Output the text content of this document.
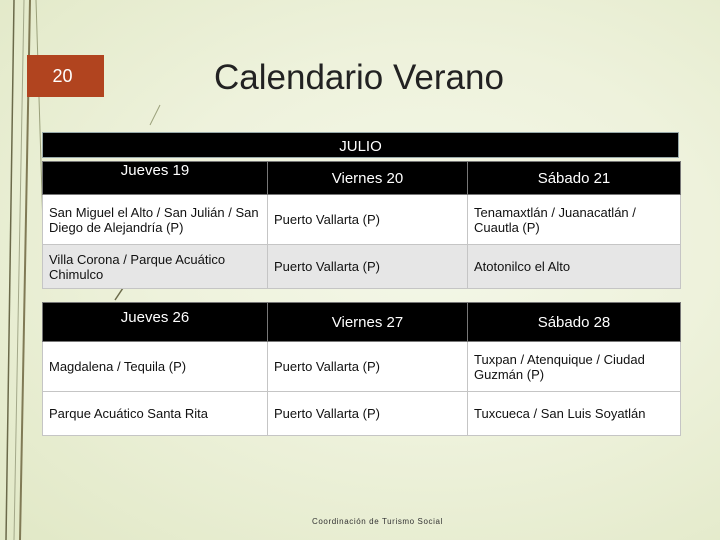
20	Calendario Verano
JULIO
Jueves 19	Viernes 20	Sábado 21
San Miguel el Alto / San Julián / San Diego de Alejandría (P)	Puerto Vallarta (P)	Tenamaxtlán / Juanacatlán / Cuautla (P)
Villa Corona / Parque Acuático Chimulco	Puerto Vallarta (P)	Atotonilco el Alto
Jueves 26	Viernes 27	Sábado 28
Magdalena / Tequila (P)	Puerto Vallarta (P)	Tuxpan / Atenquique / Ciudad Guzmán (P)
Parque Acuático Santa Rita	Puerto Vallarta (P)	Tuxcueca / San Luis Soyatlán
Coordinación de Turismo Social
